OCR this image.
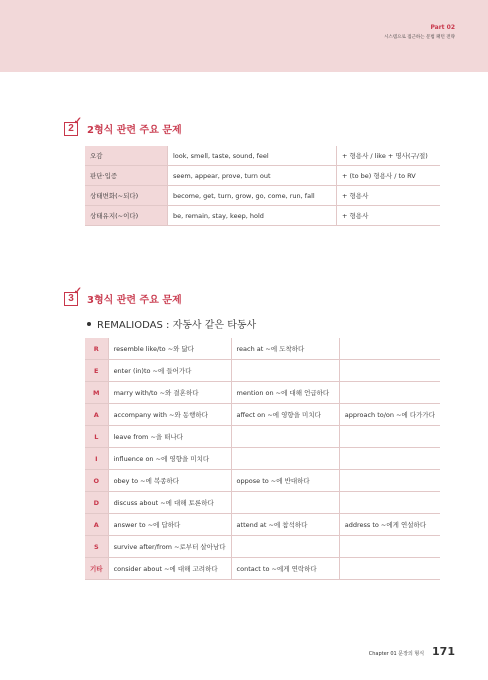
Part 02
시스템으로 접근하는 문법 패턴 전략
2
✓
2형식 관련 주요 문제
오감	look, smell, taste, sound, feel	+ 형용사 / like + 명사(구/절)
판단·입증	seem, appear, prove, turn out	+ (to be) 형용사 / to RV
상태변화(~되다)	become, get, turn, grow, go, come, run, fall	+ 형용사
상태유지(~이다)	be, remain, stay, keep, hold	+ 형용사
3
✓
3형식 관련 주요 문제
REMALIODAS : 자동사 같은 타동사
R	resemble like/to ~와 닮다	reach at ~에 도착하다	
E	enter (in)to ~에 들어가다		
M	marry with/to ~와 결혼하다	mention on ~에 대해 언급하다	
A	accompany with ~와 동행하다	affect on ~에 영향을 미치다	approach to/on ~에 다가가다
L	leave from ~을 떠나다		
I	influence on ~에 영향을 미치다		
O	obey to ~에 복종하다	oppose to ~에 반대하다	
D	discuss about ~에 대해 토론하다		
A	answer to ~에 답하다	attend at ~에 참석하다	address to ~에게 연설하다
S	survive after/from ~로부터 살아남다		
기타	consider about ~에 대해 고려하다	contact to ~에게 연락하다	
Chapter 01 문장의 형식 171
